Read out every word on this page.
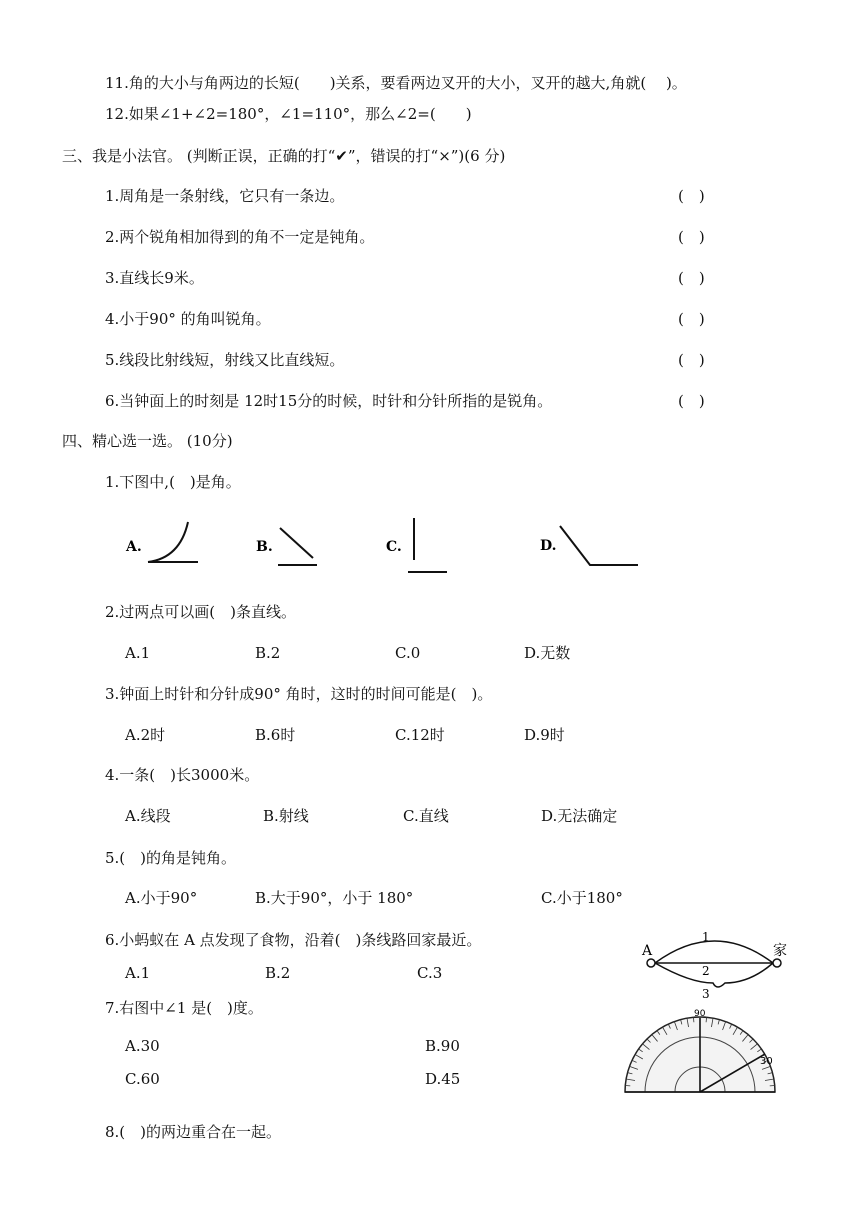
11.角的大小与角两边的长短(　　)关系，要看两边叉开的大小，叉开的越大,角就(　 )。
12.如果∠1+∠2=180°，∠1=110°，那么∠2=(　　)
三、我是小法官。 (判断正误，正确的打“✔”，错误的打“×”)(6 分)
1.周角是一条射线，它只有一条边。	(　)
2.两个锐角相加得到的角不一定是钝角。	(　)
3.直线长9米。	(　)
4.小于90° 的角叫锐角。	(　)
5.线段比射线短，射线又比直线短。	(　)
6.当钟面上的时刻是 12时15分的时候，时针和分针所指的是锐角。	(　)
四、精心选一选。 (10分)
1.下图中,(　)是角。
A.	B.	C.	D.
2.过两点可以画(　)条直线。
A.1	B.2	C.0	D.无数
3.钟面上时针和分针成90° 角时，这时的时间可能是(　)。
A.2时	B.6时	C.12时	D.9时
4.一条(　)长3000米。
A.线段	B.射线	C.直线	D.无法确定
5.(　)的角是钝角。
A.小于90°	B.大于90°，小于 180°	C.小于180°
6.小蚂蚁在 A 点发现了食物，沿着(　)条线路回家最近。
A.1	B.2	C.3
A	家
1
2
3
7.右图中∠1 是(　)度。
A.30	B.90
C.60	D.45
90
30
8.(　)的两边重合在一起。
